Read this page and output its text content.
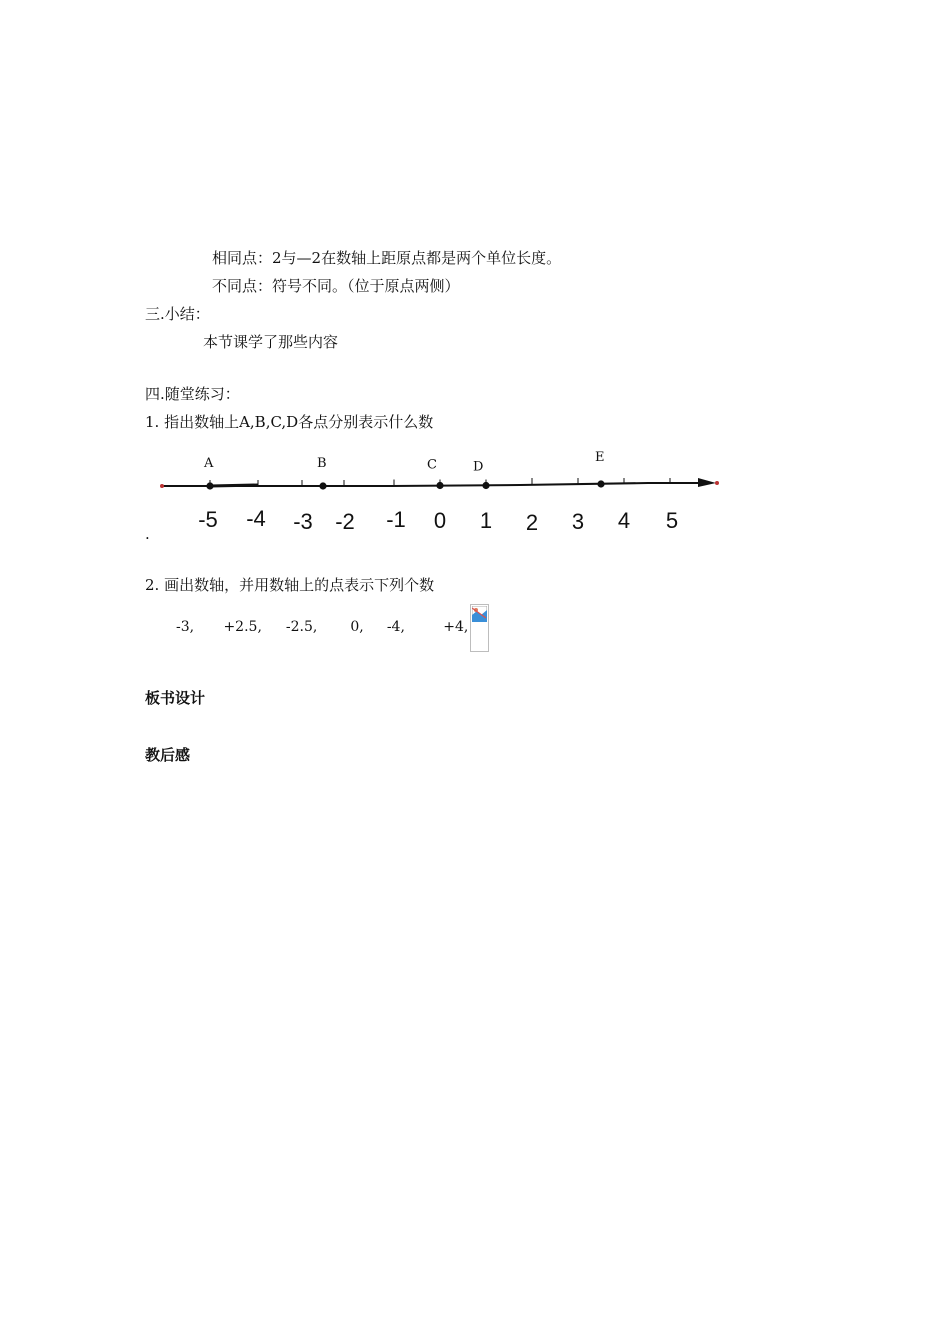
相同点：2与—2在数轴上距原点都是两个单位长度。
不同点：符号不同。（位于原点两侧）
三.小结：
本节课学了那些内容
四.随堂练习：
1. 指出数轴上A,B,C,D各点分别表示什么数
A	B	C	D
E
-5 -4 -3 -2 -1 0 1 2 3 4 5
.
2. 画出数轴，并用数轴上的点表示下列个数
-3, +2.5, -2.5, 0, -4,	+4,
板书设计
教后感
